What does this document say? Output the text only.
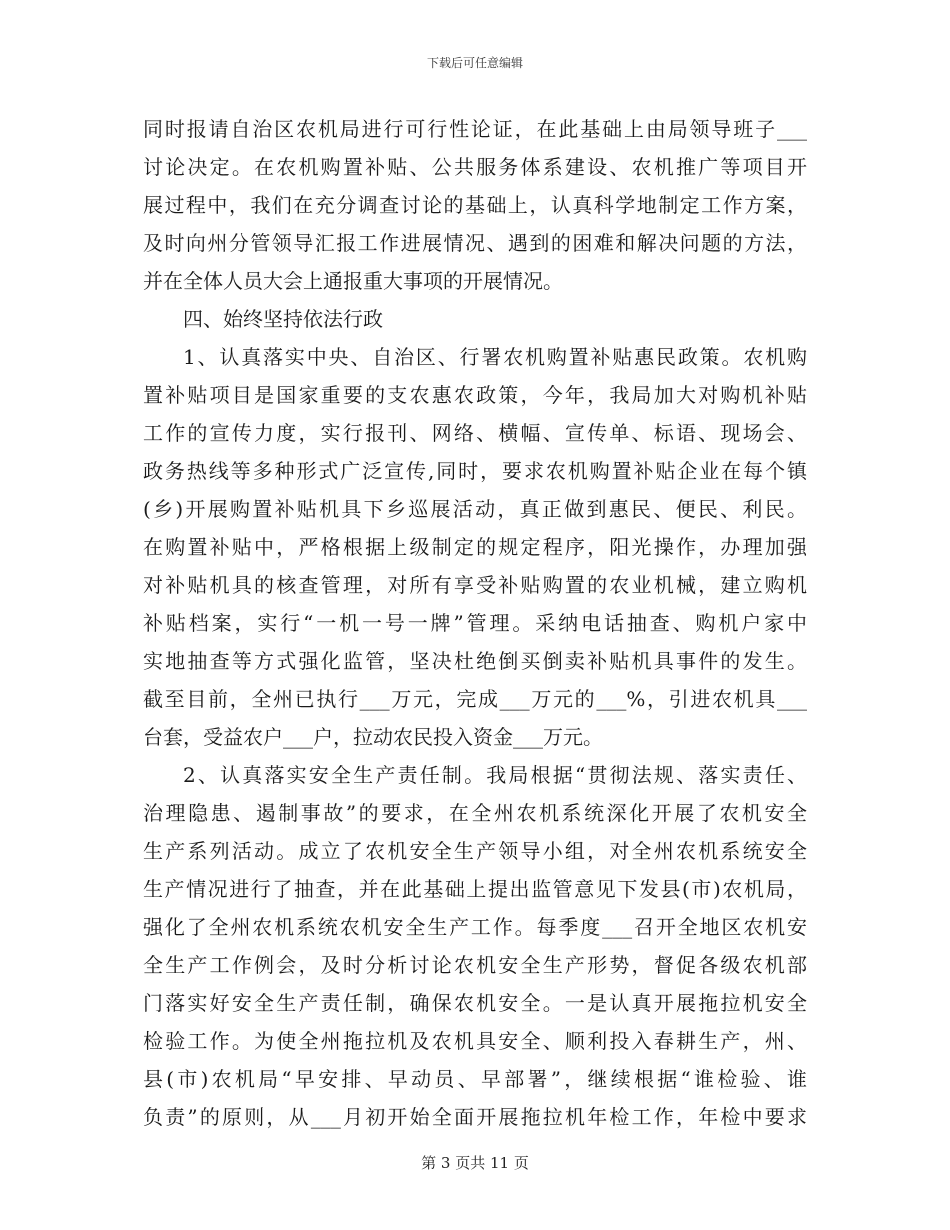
下载后可任意编辑
同时报请自治区农机局进行可行性论证，在此基础上由局领导班子___
讨论决定。在农机购置补贴、公共服务体系建设、农机推广等项目开
展过程中，我们在充分调查讨论的基础上，认真科学地制定工作方案，
及时向州分管领导汇报工作进展情况、遇到的困难和解决问题的方法，
并在全体人员大会上通报重大事项的开展情况。
四、始终坚持依法行政
1、认真落实中央、自治区、行署农机购置补贴惠民政策。农机购
置补贴项目是国家重要的支农惠农政策，今年，我局加大对购机补贴
工作的宣传力度，实行报刊、网络、横幅、宣传单、标语、现场会、
政务热线等多种形式广泛宣传,同时，要求农机购置补贴企业在每个镇
(乡)开展购置补贴机具下乡巡展活动，真正做到惠民、便民、利民。
在购置补贴中，严格根据上级制定的规定程序，阳光操作，办理加强
对补贴机具的核查管理，对所有享受补贴购置的农业机械，建立购机
补贴档案，实行“一机一号一牌”管理。采纳电话抽查、购机户家中
实地抽查等方式强化监管，坚决杜绝倒买倒卖补贴机具事件的发生。
截至目前，全州已执行___万元，完成___万元的___%，引进农机具___
台套，受益农户___户，拉动农民投入资金___万元。
2、认真落实安全生产责任制。我局根据“贯彻法规、落实责任、
治理隐患、遏制事故”的要求，在全州农机系统深化开展了农机安全
生产系列活动。成立了农机安全生产领导小组，对全州农机系统安全
生产情况进行了抽查，并在此基础上提出监管意见下发县(市)农机局，
强化了全州农机系统农机安全生产工作。每季度___召开全地区农机安
全生产工作例会，及时分析讨论农机安全生产形势，督促各级农机部
门落实好安全生产责任制，确保农机安全。一是认真开展拖拉机安全
检验工作。为使全州拖拉机及农机具安全、顺利投入春耕生产，州、
县(市)农机局“早安排、早动员、早部署”，继续根据“谁检验、谁
负责”的原则，从___月初开始全面开展拖拉机年检工作，年检中要求
第 3 页共 11 页
